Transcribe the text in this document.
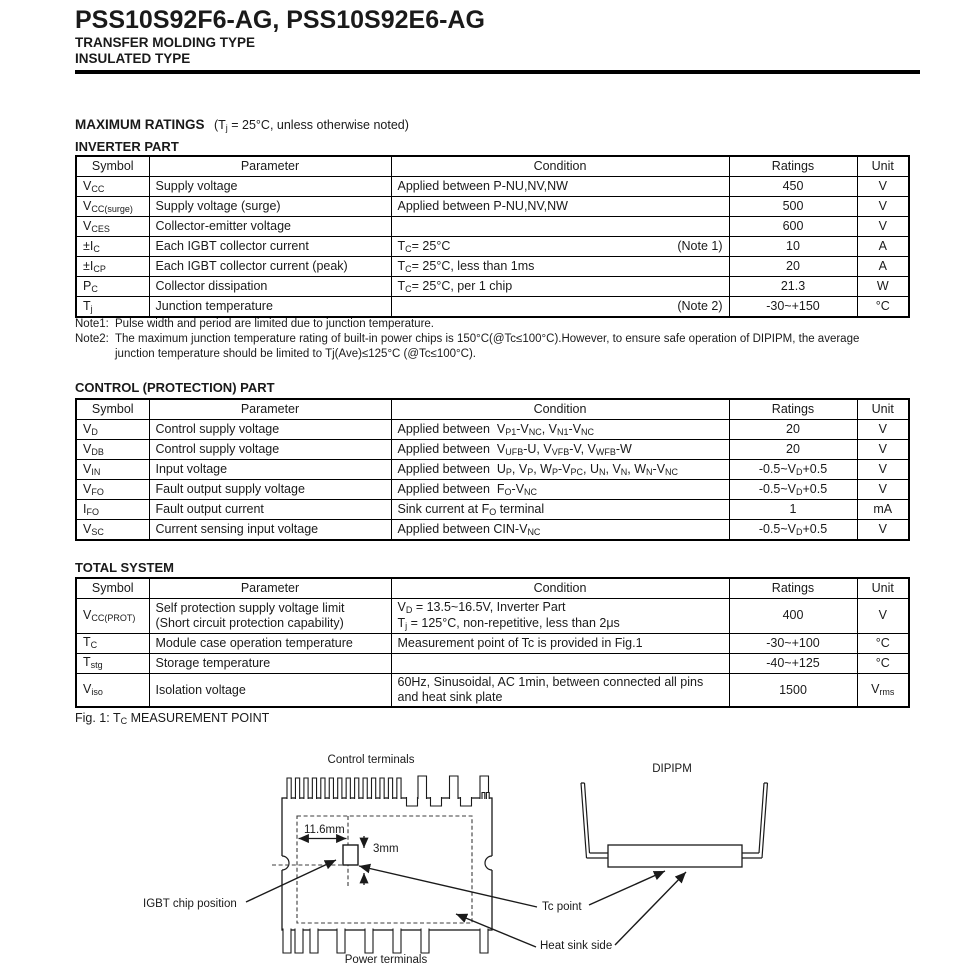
PSS10S92F6-AG, PSS10S92E6-AG
TRANSFER MOLDING TYPE
INSULATED TYPE
MAXIMUM RATINGS ($T_j = 25^\circ C$, unless otherwise noted)
INVERTER PART
Symbol	Parameter	Condition	Ratings	Unit
$V_{CC}$	Supply voltage	Applied between P-NU,NV,NW	450	V
$V_{CC(surge)}$	Supply voltage (surge)	Applied between P-NU,NV,NW	500	V
$V_{CES}$	Collector-emitter voltage		600	V
$\pm I_C$	Each IGBT collector current	$T_C= 25^\circ C$ (Note 1)	10	A
$\pm I_{CP}$	Each IGBT collector current (peak)	$T_C= 25^\circ C$, less than 1ms	20	A
$P_C$	Collector dissipation	$T_C= 25^\circ C$, per 1 chip	21.3	W
$T_j$	Junction temperature	(Note 2)	-30~+150	°C
Note1: Pulse width and period are limited due to junction temperature.
Note2: The maximum junction temperature rating of built-in power chips is 150°C(@Tc≤100°C).However, to ensure safe operation of DIPIPM, the average
junction temperature should be limited to Tj(Ave)≤125°C (@Tc≤100°C).
CONTROL (PROTECTION) PART
Symbol	Parameter	Condition	Ratings	Unit
$V_D$	Control supply voltage	Applied between  $V_{P1}-V_{NC}$, $V_{N1}-V_{NC}$	20	V
$V_{DB}$	Control supply voltage	Applied between  $V_{UFB}-U$, $V_{VFB}-V$, $V_{WFB}-W$	20	V
$V_{IN}$	Input voltage	Applied between  $U_P$, $V_P$, $W_P-V_{PC}$, $U_N$, $V_N$, $W_N-V_{NC}$	$-0.5\sim V_D+0.5$	V
$V_{FO}$	Fault output supply voltage	Applied between  $F_O-V_{NC}$	$-0.5\sim V_D+0.5$	V
$I_{FO}$	Fault output current	Sink current at $F_O$ terminal	1	mA
$V_{SC}$	Current sensing input voltage	Applied between CIN-$V_{NC}$	$-0.5\sim V_D+0.5$	V
TOTAL SYSTEM
Symbol	Parameter	Condition	Ratings	Unit
$V_{CC(PROT)}$	Self protection supply voltage limit
(Short circuit protection capability)	$V_D$ = 13.5~16.5V, Inverter Part
$T_j = 125^\circ C$, non-repetitive, less than 2μs	400	V
$T_C$	Module case operation temperature	Measurement point of Tc is provided in Fig.1	-30~+100	°C
$T_{stg}$	Storage temperature		-40~+125	°C
$V_{iso}$	Isolation voltage	60Hz, Sinusoidal, AC 1min, between connected all pins
and heat sink plate	1500	$V_{rms}$
Fig. 1: $T_C$ MEASUREMENT POINT
Control terminals
Power terminals
DIPIPM
IGBT chip position	Tc point
Heat sink side
11.6mm
3mm
